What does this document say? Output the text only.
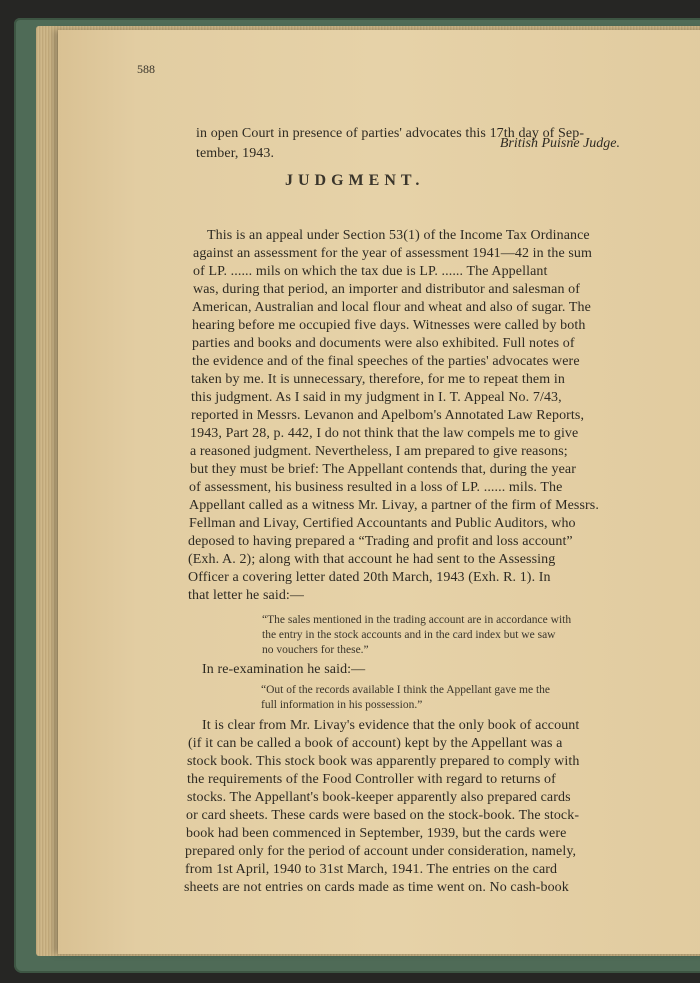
588
in open Court in presence of parties' advocates this 17th day of Sep-
tember, 1943.
British Puisne Judge.
JUDGMENT.
This is an appeal under Section 53(1) of the Income Tax Ordinance
against an assessment for the year of assessment 1941—42 in the sum
of LP. ...... mils on which the tax due is LP. ...... The Appellant
was, during that period, an importer and distributor and salesman of
American, Australian and local flour and wheat and also of sugar. The
hearing before me occupied five days. Witnesses were called by both
parties and books and documents were also exhibited. Full notes of
the evidence and of the final speeches of the parties' advocates were
taken by me. It is unnecessary, therefore, for me to repeat them in
this judgment. As I said in my judgment in I. T. Appeal No. 7/43,
reported in Messrs. Levanon and Apelbom's Annotated Law Reports,
1943, Part 28, p. 442, I do not think that the law compels me to give
a reasoned judgment. Nevertheless, I am prepared to give reasons;
but they must be brief: The Appellant contends that, during the year
of assessment, his business resulted in a loss of LP. ...... mils. The
Appellant called as a witness Mr. Livay, a partner of the firm of Messrs.
Fellman and Livay, Certified Accountants and Public Auditors, who
deposed to having prepared a “Trading and profit and loss account”
(Exh. A. 2); along with that account he had sent to the Assessing
Officer a covering letter dated 20th March, 1943 (Exh. R. 1). In
that letter he said:—
“The sales mentioned in the trading account are in accordance with
the entry in the stock accounts and in the card index but we saw
no vouchers for these.”
In re-examination he said:—
“Out of the records available I think the Appellant gave me the
full information in his possession.”
It is clear from Mr. Livay's evidence that the only book of account
(if it can be called a book of account) kept by the Appellant was a
stock book. This stock book was apparently prepared to comply with
the requirements of the Food Controller with regard to returns of
stocks. The Appellant's book-keeper apparently also prepared cards
or card sheets. These cards were based on the stock-book. The stock-
book had been commenced in September, 1939, but the cards were
prepared only for the period of account under consideration, namely,
from 1st April, 1940 to 31st March, 1941. The entries on the card
sheets are not entries on cards made as time went on. No cash-book
